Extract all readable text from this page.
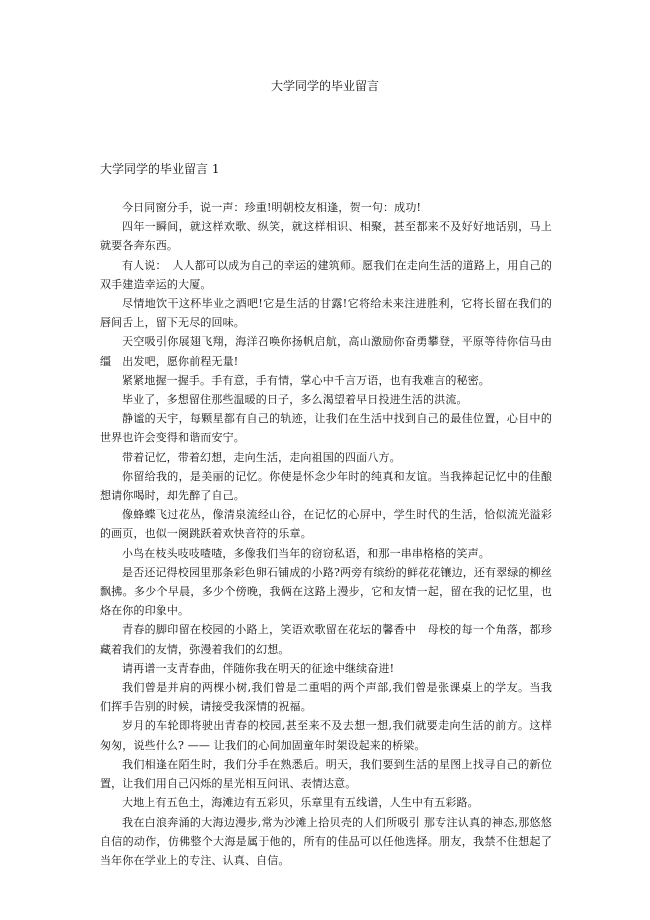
大学同学的毕业留言
大学同学的毕业留言 1

今日同窗分手，说一声：珍重!明朝校友相逢，贺一句：成功!

四年一瞬间，就这样欢歌、纵笑，就这样相识、相聚，甚至都来不及好好地话别，马上就要各奔东西。

有人说：　人人都可以成为自己的幸运的建筑师。愿我们在走向生活的道路上，用自己的双手建造幸运的大厦。

尽情地饮干这杯毕业之酒吧!它是生活的甘露!它将给未来注进胜利，它将长留在我们的唇间舌上，留下无尽的回味。

天空吸引你展翅飞翔，海洋召唤你扬帆启航，高山激励你奋勇攀登，平原等待你信马由缰　出发吧，愿你前程无量!

紧紧地握一握手。手有意，手有情，掌心中千言万语，也有我难言的秘密。

毕业了，多想留住那些温暖的日子，多么渴望着早日投进生活的洪流。

静谧的天宇，每颗星都有自己的轨迹，让我们在生活中找到自己的最佳位置，心目中的世界也许会变得和谐而安宁。

带着记忆，带着幻想，走向生活，走向祖国的四面八方。

你留给我的，是美丽的记忆。你使是怀念少年时的纯真和友谊。当我捧起记忆中的佳酿想请你喝时，却先醉了自己。

像蜂蝶飞过花丛，像清泉流经山谷，在记忆的心屏中，学生时代的生活，恰似流光溢彩的画页，也似一阕跳跃着欢快音符的乐章。

小鸟在枝头吱吱喳喳，多像我们当年的窃窃私语，和那一串串格格的笑声。

是否还记得校园里那条彩色卵石铺成的小路?两旁有缤纷的鲜花花镶边，还有翠绿的柳丝飘拂。多少个早晨，多少个傍晚，我俩在这路上漫步，它和友情一起，留在我的记忆里，也烙在你的印象中。

青春的脚印留在校园的小路上，笑语欢歌留在花坛的馨香中　母校的每一个角落，都珍藏着我们的友情，弥漫着我们的幻想。

请再谱一支青春曲，伴随你我在明天的征途中继续奋进!

我们曾是并肩的两棵小树,我们曾是二重唱的两个声部,我们曾是张课桌上的学友。当我们挥手告别的时候，请接受我深情的祝福。

岁月的车轮即将驶出青春的校园,甚至来不及去想一想,我们就要走向生活的前方。这样匆匆，说些什么? —— 让我们的心间加固童年时架设起来的桥梁。

我们相逢在陌生时，我们分手在熟悉后。明天，我们要到生活的星图上找寻自己的新位置，让我们用自己闪烁的星光相互问讯、表情达意。

大地上有五色土，海滩边有五彩贝，乐章里有五线谱，人生中有五彩路。

我在白浪奔涌的大海边漫步,常为沙滩上拾贝壳的人们所吸引 那专注认真的神态,那悠悠自信的动作，仿佛整个大海是属于他的，所有的佳品可以任他选择。朋友，我禁不住想起了当年你在学业上的专注、认真、自信。
